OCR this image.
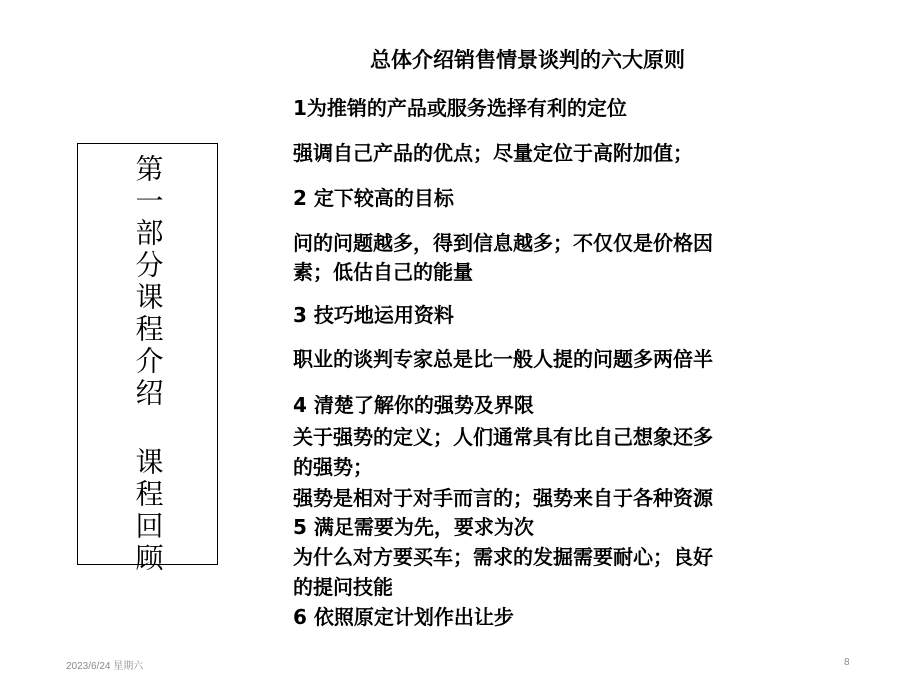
第一部分课程介绍 课程回顾
总体介绍销售情景谈判的六大原则
1为推销的产品或服务选择有利的定位
强调自己产品的优点；尽量定位于高附加值；
2 定下较高的目标
问的问题越多，得到信息越多；不仅仅是价格因
素；低估自己的能量
3 技巧地运用资料
职业的谈判专家总是比一般人提的问题多两倍半
4 清楚了解你的强势及界限
关于强势的定义；人们通常具有比自己想象还多
的强势；
强势是相对于对手而言的；强势来自于各种资源
5 满足需要为先，要求为次
为什么对方要买车；需求的发掘需要耐心；良好
的提问技能
6 依照原定计划作出让步
2023/6/24 星期六	8
